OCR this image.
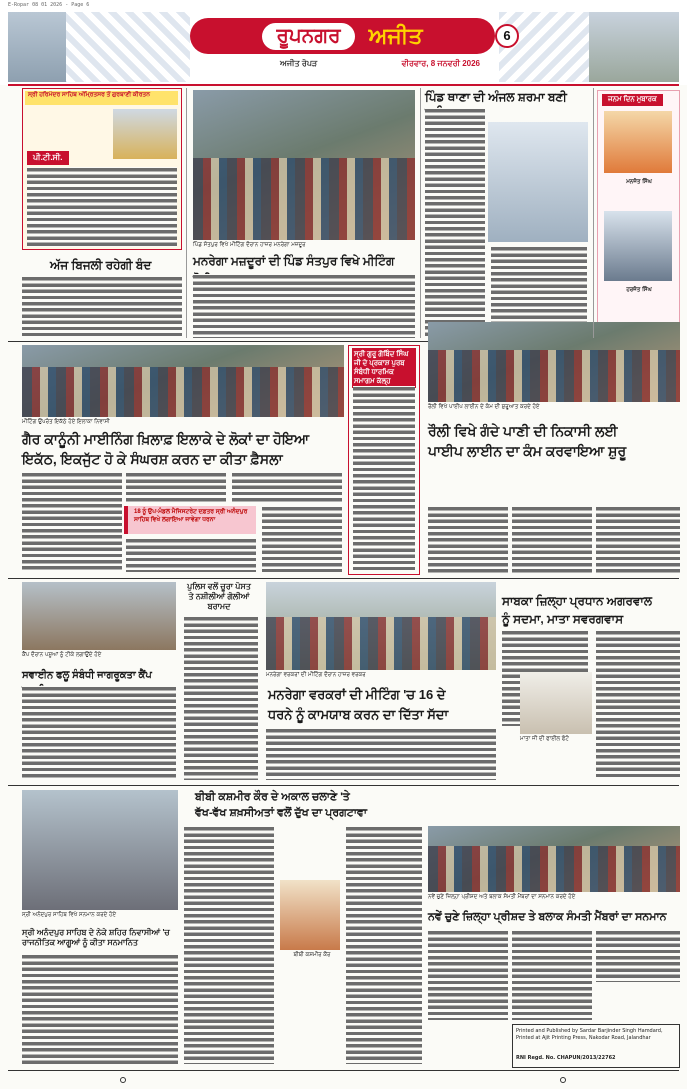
E-Ropar 08 01 2026 - Page 6
ਰੂਪਨਗਰ	ਅਜੀਤ	6
ਅਜੀਤ ਰੋਪੜ	ਵੀਰਵਾਰ, 8 ਜਨਵਰੀ 2026
ਸ੍ਰੀ ਹਰਿਮੰਦਰ ਸਾਹਿਬ ਅੰਮ੍ਰਿਤਸਰ ਤੋਂ ਗੁਰਬਾਣੀ ਕੀਰਤਨ
ਪੀ.ਟੀ.ਸੀ.
ਪਿੰਡ ਸੰਤਪੁਰ ਵਿਖੇ ਮੀਟਿੰਗ ਦੌਰਾਨ ਹਾਜ਼ਰ ਮਨਰੇਗਾ ਮਜ਼ਦੂਰ
ਮਨਰੇਗਾ ਮਜ਼ਦੂਰਾਂ ਦੀ ਪਿੰਡ ਸੰਤਪੁਰ ਵਿਖੇ ਮੀਟਿੰਗ
ਪਿੰਡ ਥਾਣਾ ਦੀ ਅੰਜਲ ਸ਼ਰਮਾ ਬਣੀ	ਜਨਮ ਦਿਨ ਮੁਬਾਰਕ
ਮਨਜੋਤ ਸਿੰਘ
ਹਰਜੋਤ ਸਿੰਘ
ਅੱਜ ਬਿਜਲੀ ਰਹੇਗੀ ਬੰਦ
ਮੀਟਿੰਗ ਉਪਰੰਤ ਇਕੱਠੇ ਹੋਏ ਇਲਾਕਾ ਨਿਵਾਸੀ
ਗੈਰ ਕਾਨੂੰਨੀ ਮਾਈਨਿੰਗ ਖ਼ਿਲਾਫ਼ ਇਲਾਕੇ ਦੇ ਲੋਕਾਂ ਦਾ ਹੋਇਆ
ਇਕੱਠ, ਇਕਜੁੱਟ ਹੋ ਕੇ ਸੰਘਰਸ਼ ਕਰਨ ਦਾ ਕੀਤਾ ਫ਼ੈਸਲਾ
18 ਨੂੰ ਉਪ-ਮੰਡਲ ਮੈਜਿਸਟਰੇਟ ਦਫ਼ਤਰ ਸ੍ਰੀ ਅਨੰਦਪੁਰ ਸਾਹਿਬ ਵਿਖੇ ਲਗਾਇਆ ਜਾਵੇਗਾ ਧਰਨਾ
ਸ੍ਰੀ ਗੁਰੂ ਗੋਬਿੰਦ ਸਿੰਘ ਜੀ ਦੇ ਪ੍ਰਕਾਸ਼ ਪੁਰਬ ਸੰਬੰਧੀ ਧਾਰਮਿਕ ਸਮਾਗਮ ਕੱਲ੍ਹ
ਰੌਲੀ ਵਿਖੇ ਪਾਈਪ ਲਾਈਨ ਦੇ ਕੰਮ ਦੀ ਸ਼ੁਰੂਆਤ ਕਰਦੇ ਹੋਏ
ਰੌਲੀ ਵਿਖੇ ਗੰਦੇ ਪਾਣੀ ਦੀ ਨਿਕਾਸੀ ਲਈ
ਪਾਈਪ ਲਾਈਨ ਦਾ ਕੰਮ ਕਰਵਾਇਆ ਸ਼ੁਰੂ
ਕੈਂਪ ਦੌਰਾਨ ਪਸ਼ੂਆਂ ਨੂੰ ਟੀਕੇ ਲਗਾਉਂਦੇ ਹੋਏ
ਸਵਾਈਨ ਫਲੂ ਸੰਬੰਧੀ ਜਾਗਰੂਕਤਾ ਕੈਂਪ
ਪੁਲਿਸ ਵਲੋਂ ਚੂਰਾ ਪੋਸਤ ਤੇ ਨਸ਼ੀਲੀਆਂ ਗੋਲੀਆਂ ਬਰਾਮਦ
ਮਨਰੇਗਾ ਵਰਕਰਾਂ ਦੀ ਮੀਟਿੰਗ ਦੌਰਾਨ ਹਾਜ਼ਰ ਵਰਕਰ
ਮਨਰੇਗਾ ਵਰਕਰਾਂ ਦੀ ਮੀਟਿੰਗ 'ਚ 16 ਦੇ
ਧਰਨੇ ਨੂੰ ਕਾਮਯਾਬ ਕਰਨ ਦਾ ਦਿੱਤਾ ਸੱਦਾ
ਸਾਬਕਾ ਜ਼ਿਲ੍ਹਾ ਪ੍ਰਧਾਨ ਅਗਰਵਾਲ
ਨੂੰ ਸਦਮਾ, ਮਾਤਾ ਸਵਰਗਵਾਸ
ਮਾਤਾ ਜੀ ਦੀ ਫਾਈਲ ਫੋਟੋ
ਸ੍ਰੀ ਅਨੰਦਪੁਰ ਸਾਹਿਬ ਵਿਖੇ ਸਨਮਾਨ ਕਰਦੇ ਹੋਏ
ਸ੍ਰੀ ਅਨੰਦਪੁਰ ਸਾਹਿਬ ਦੇ ਨੇਕੇ ਸ਼ਹਿਰ ਨਿਵਾਸੀਆਂ 'ਚ ਰਾਜਨੀਤਿਕ ਆਗੂਆਂ ਨੂੰ ਕੀਤਾ ਸਨਮਾਨਿਤ
ਬੀਬੀ ਕਸ਼ਮੀਰ ਕੌਰ ਦੇ ਅਕਾਲ ਚਲਾਣੇ 'ਤੇ
ਵੱਖ-ਵੱਖ ਸ਼ਖ਼ਸੀਅਤਾਂ ਵਲੋਂ ਦੁੱਖ ਦਾ ਪ੍ਰਗਟਾਵਾ
ਬੀਬੀ ਕਸ਼ਮੀਰ ਕੌਰ
ਨਵੇਂ ਚੁਣੇ ਜ਼ਿਲ੍ਹਾ ਪ੍ਰੀਸ਼ਦ ਅਤੇ ਬਲਾਕ ਸੰਮਤੀ ਮੈਂਬਰਾਂ ਦਾ ਸਨਮਾਨ ਕਰਦੇ ਹੋਏ
ਨਵੇਂ ਚੁਣੇ ਜ਼ਿਲ੍ਹਾ ਪ੍ਰੀਸ਼ਦ ਤੇ ਬਲਾਕ ਸੰਮਤੀ ਮੈਂਬਰਾਂ ਦਾ ਸਨਮਾਨ
Printed and Published by Sardar Barjinder Singh Hamdard, Printed at Ajit Printing Press, Nakodar Road, Jalandhar
RNI Regd. No. CHAPUN/2013/22762
